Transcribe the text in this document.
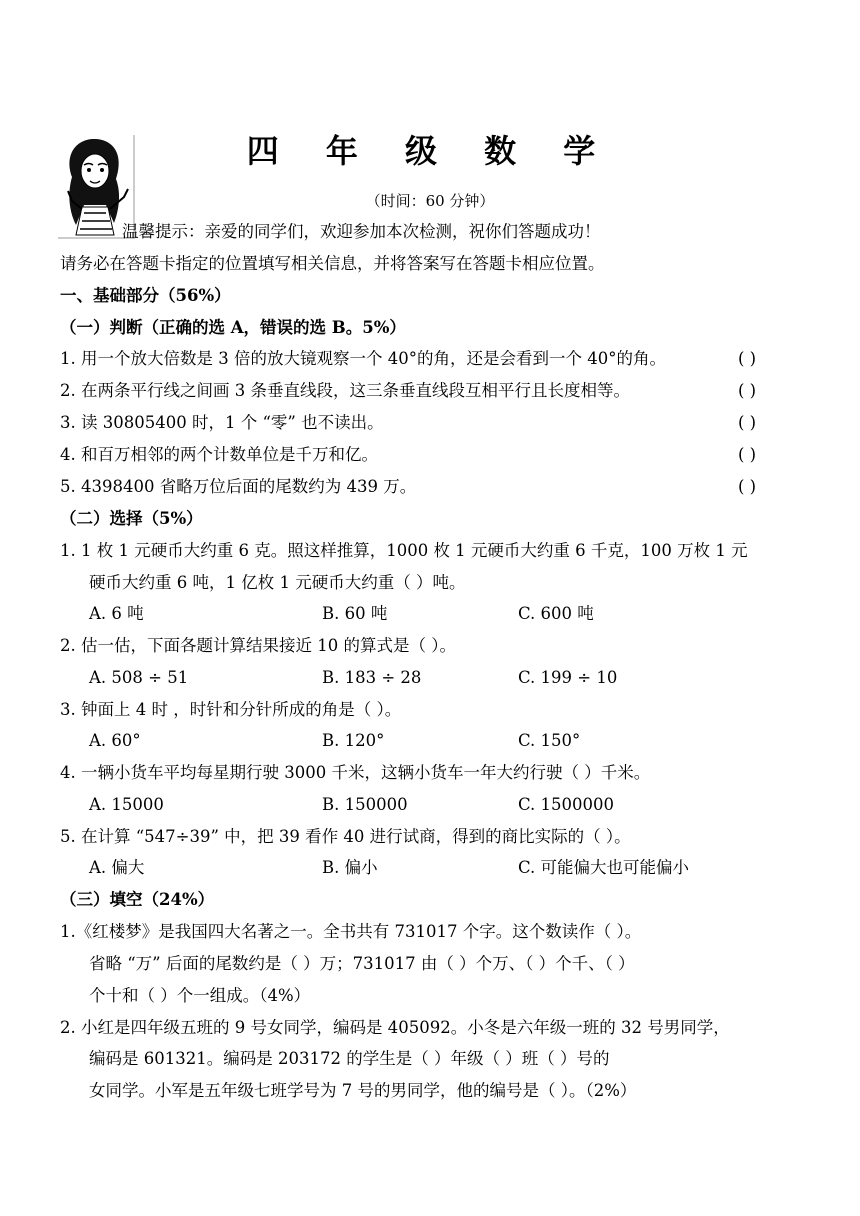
四 年 级 数 学
（时间：60 分钟）
温馨提示：亲爱的同学们，欢迎参加本次检测，祝你们答题成功！
请务必在答题卡指定的位置填写相关信息，并将答案写在答题卡相应位置。
一、基础部分（56%）
（一）判断（正确的选 A，错误的选 B。5%）
1. 用一个放大倍数是 3 倍的放大镜观察一个 40°的角，还是会看到一个 40°的角。	( )
2. 在两条平行线之间画 3 条垂直线段，这三条垂直线段互相平行且长度相等。	( )
3. 读 30805400 时，1 个 “零” 也不读出。	( )
4. 和百万相邻的两个计数单位是千万和亿。	( )
5. 4398400 省略万位后面的尾数约为 439 万。	( )
（二）选择（5%）
1. 1 枚 1 元硬币大约重 6 克。照这样推算，1000 枚 1 元硬币大约重 6 千克，100 万枚 1 元
硬币大约重 6 吨，1 亿枚 1 元硬币大约重（ ）吨。
A. 6 吨	B. 60 吨	C. 600 吨
2. 估一估，下面各题计算结果接近 10 的算式是（ ）。
A. 508 ÷ 51	B. 183 ÷ 28	C. 199 ÷ 10
3. 钟面上 4 时 ，时针和分针所成的角是（ ）。
A. 60°	B. 120°	C. 150°
4. 一辆小货车平均每星期行驶 3000 千米，这辆小货车一年大约行驶（ ）千米。
A. 15000	B. 150000	C. 1500000
5. 在计算 “547÷39” 中，把 39 看作 40 进行试商，得到的商比实际的（ ）。
A. 偏大	B. 偏小	C. 可能偏大也可能偏小
（三）填空（24%）
1.《红楼梦》是我国四大名著之一。全书共有 731017 个字。这个数读作（ ）。
省略 “万” 后面的尾数约是（ ）万；731017 由（ ）个万、（ ）个千、（ ）
个十和（ ）个一组成。（4%）
2. 小红是四年级五班的 9 号女同学，编码是 405092。小冬是六年级一班的 32 号男同学，
编码是 601321。编码是 203172 的学生是（ ）年级（ ）班（ ）号的
女同学。小军是五年级七班学号为 7 号的男同学，他的编号是（ ）。（2%）
